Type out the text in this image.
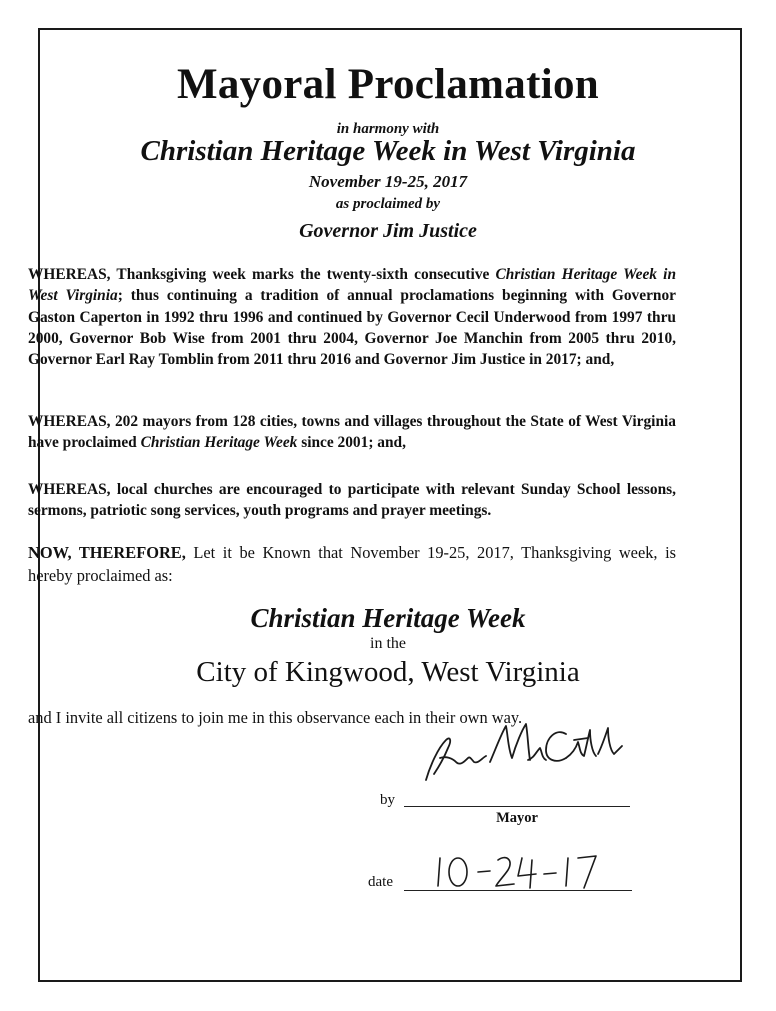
Mayoral Proclamation
in harmony with
Christian Heritage Week in West Virginia
November 19-25, 2017
as proclaimed by
Governor Jim Justice
WHEREAS, Thanksgiving week marks the twenty-sixth consecutive Christian Heritage Week in West Virginia; thus continuing a tradition of annual proclamations beginning with Governor Gaston Caperton in 1992 thru 1996 and continued by Governor Cecil Underwood from 1997 thru 2000, Governor Bob Wise from 2001 thru 2004, Governor Joe Manchin from 2005 thru 2010, Governor Earl Ray Tomblin from 2011 thru 2016 and Governor Jim Justice in 2017; and,
WHEREAS, 202 mayors from 128 cities, towns and villages throughout the State of West Virginia have proclaimed Christian Heritage Week since 2001; and,
WHEREAS, local churches are encouraged to participate with relevant Sunday School lessons, sermons, patriotic song services, youth programs and prayer meetings.
NOW, THEREFORE, Let it be Known that November 19-25, 2017, Thanksgiving week, is hereby proclaimed as:
Christian Heritage Week
in the
City of Kingwood, West Virginia
and I invite all citizens to join me in this observance each in their own way.
by
Mayor
date
